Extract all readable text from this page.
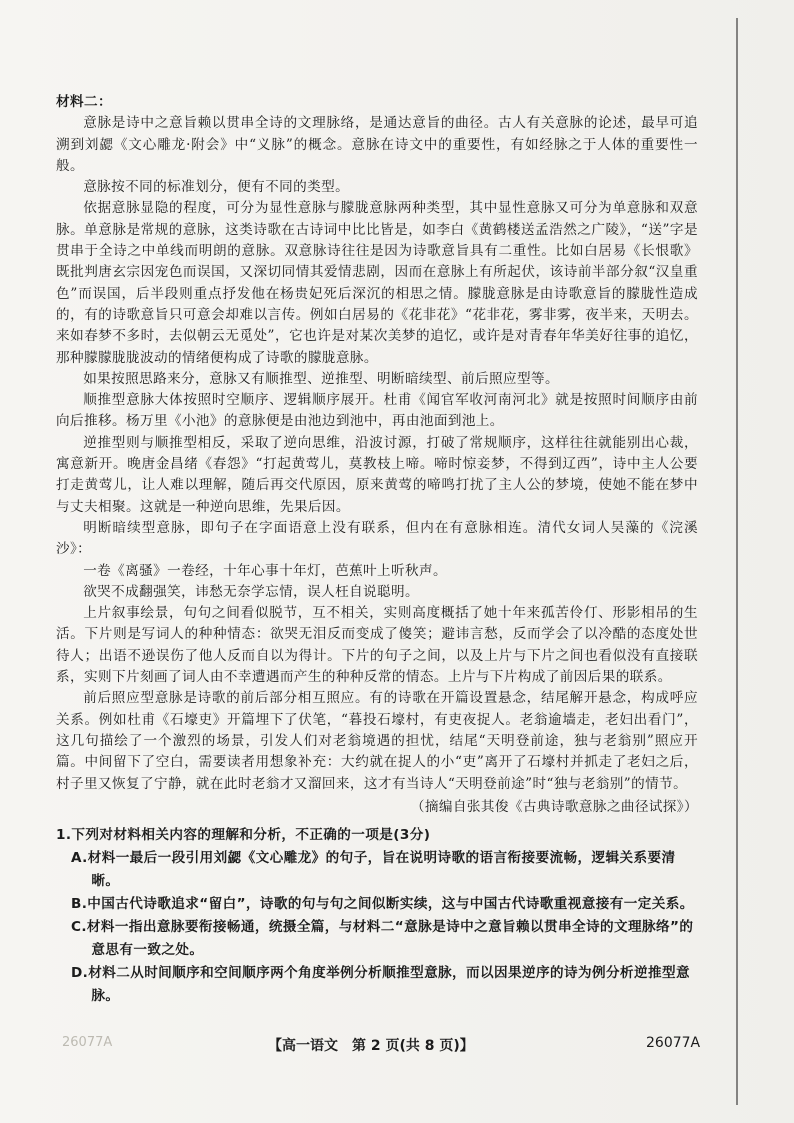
材料二：

意脉是诗中之意旨赖以贯串全诗的文理脉络，是通达意旨的曲径。古人有关意脉的论述，最早可追溯到刘勰《文心雕龙·附会》中“义脉”的概念。意脉在诗文中的重要性，有如经脉之于人体的重要性一般。

意脉按不同的标准划分，便有不同的类型。

依据意脉显隐的程度，可分为显性意脉与朦胧意脉两种类型，其中显性意脉又可分为单意脉和双意脉。单意脉是常规的意脉，这类诗歌在古诗词中比比皆是，如李白《黄鹤楼送孟浩然之广陵》，“送”字是贯串于全诗之中单线而明朗的意脉。双意脉诗往往是因为诗歌意旨具有二重性。比如白居易《长恨歌》既批判唐玄宗因宠色而误国，又深切同情其爱情悲剧，因而在意脉上有所起伏，该诗前半部分叙“汉皇重色”而误国，后半段则重点抒发他在杨贵妃死后深沉的相思之情。朦胧意脉是由诗歌意旨的朦胧性造成的，有的诗歌意旨只可意会却难以言传。例如白居易的《花非花》“花非花，雾非雾，夜半来，天明去。来如春梦不多时，去似朝云无觅处”，它也许是对某次美梦的追忆，或许是对青春年华美好往事的追忆，那种朦朦胧胧波动的情绪便构成了诗歌的朦胧意脉。

如果按照思路来分，意脉又有顺推型、逆推型、明断暗续型、前后照应型等。

顺推型意脉大体按照时空顺序、逻辑顺序展开。杜甫《闻官军收河南河北》就是按照时间顺序由前向后推移。杨万里《小池》的意脉便是由池边到池中，再由池面到池上。

逆推型则与顺推型相反，采取了逆向思维，沿波讨源，打破了常规顺序，这样往往就能别出心裁，寓意新开。晚唐金昌绪《春怨》“打起黄莺儿，莫教枝上啼。啼时惊妾梦，不得到辽西”，诗中主人公要打走黄莺儿，让人难以理解，随后再交代原因，原来黄莺的啼鸣打扰了主人公的梦境，使她不能在梦中与丈夫相聚。这就是一种逆向思维，先果后因。

明断暗续型意脉，即句子在字面语意上没有联系，但内在有意脉相连。清代女词人吴藻的《浣溪沙》：

一卷《离骚》一卷经，十年心事十年灯，芭蕉叶上听秋声。

欲哭不成翻强笑，讳愁无奈学忘情，误人枉自说聪明。

上片叙事绘景，句句之间看似脱节，互不相关，实则高度概括了她十年来孤苦伶仃、形影相吊的生活。下片则是写词人的种种情态：欲哭无泪反而变成了傻笑；避讳言愁，反而学会了以冷酷的态度处世待人；出语不逊误伤了他人反而自以为得计。下片的句子之间，以及上片与下片之间也看似没有直接联系，实则下片刻画了词人由不幸遭遇而产生的种种反常的情态。上片与下片构成了前因后果的联系。

前后照应型意脉是诗歌的前后部分相互照应。有的诗歌在开篇设置悬念，结尾解开悬念，构成呼应关系。例如杜甫《石壕吏》开篇埋下了伏笔，“暮投石壕村，有吏夜捉人。老翁逾墙走，老妇出看门”，这几句描绘了一个激烈的场景，引发人们对老翁境遇的担忧，结尾“天明登前途，独与老翁别”照应开篇。中间留下了空白，需要读者用想象补充：大约就在捉人的小“吏”离开了石壕村并抓走了老妇之后，村子里又恢复了宁静，就在此时老翁才又溜回来，这才有当诗人“天明登前途”时“独与老翁别”的情节。

（摘编自张其俊《古典诗歌意脉之曲径试探》）
1.下列对材料相关内容的理解和分析，不正确的一项是(3分)
A.材料一最后一段引用刘勰《文心雕龙》的句子，旨在说明诗歌的语言衔接要流畅，逻辑关系要清晰。
B.中国古代诗歌追求“留白”，诗歌的句与句之间似断实续，这与中国古代诗歌重视意接有一定关系。
C.材料一指出意脉要衔接畅通，统摄全篇，与材料二“意脉是诗中之意旨赖以贯串全诗的文理脉络”的意思有一致之处。
D.材料二从时间顺序和空间顺序两个角度举例分析顺推型意脉，而以因果逆序的诗为例分析逆推型意脉。
26077A	【高一语文　第 2 页(共 8 页)】	26077A
